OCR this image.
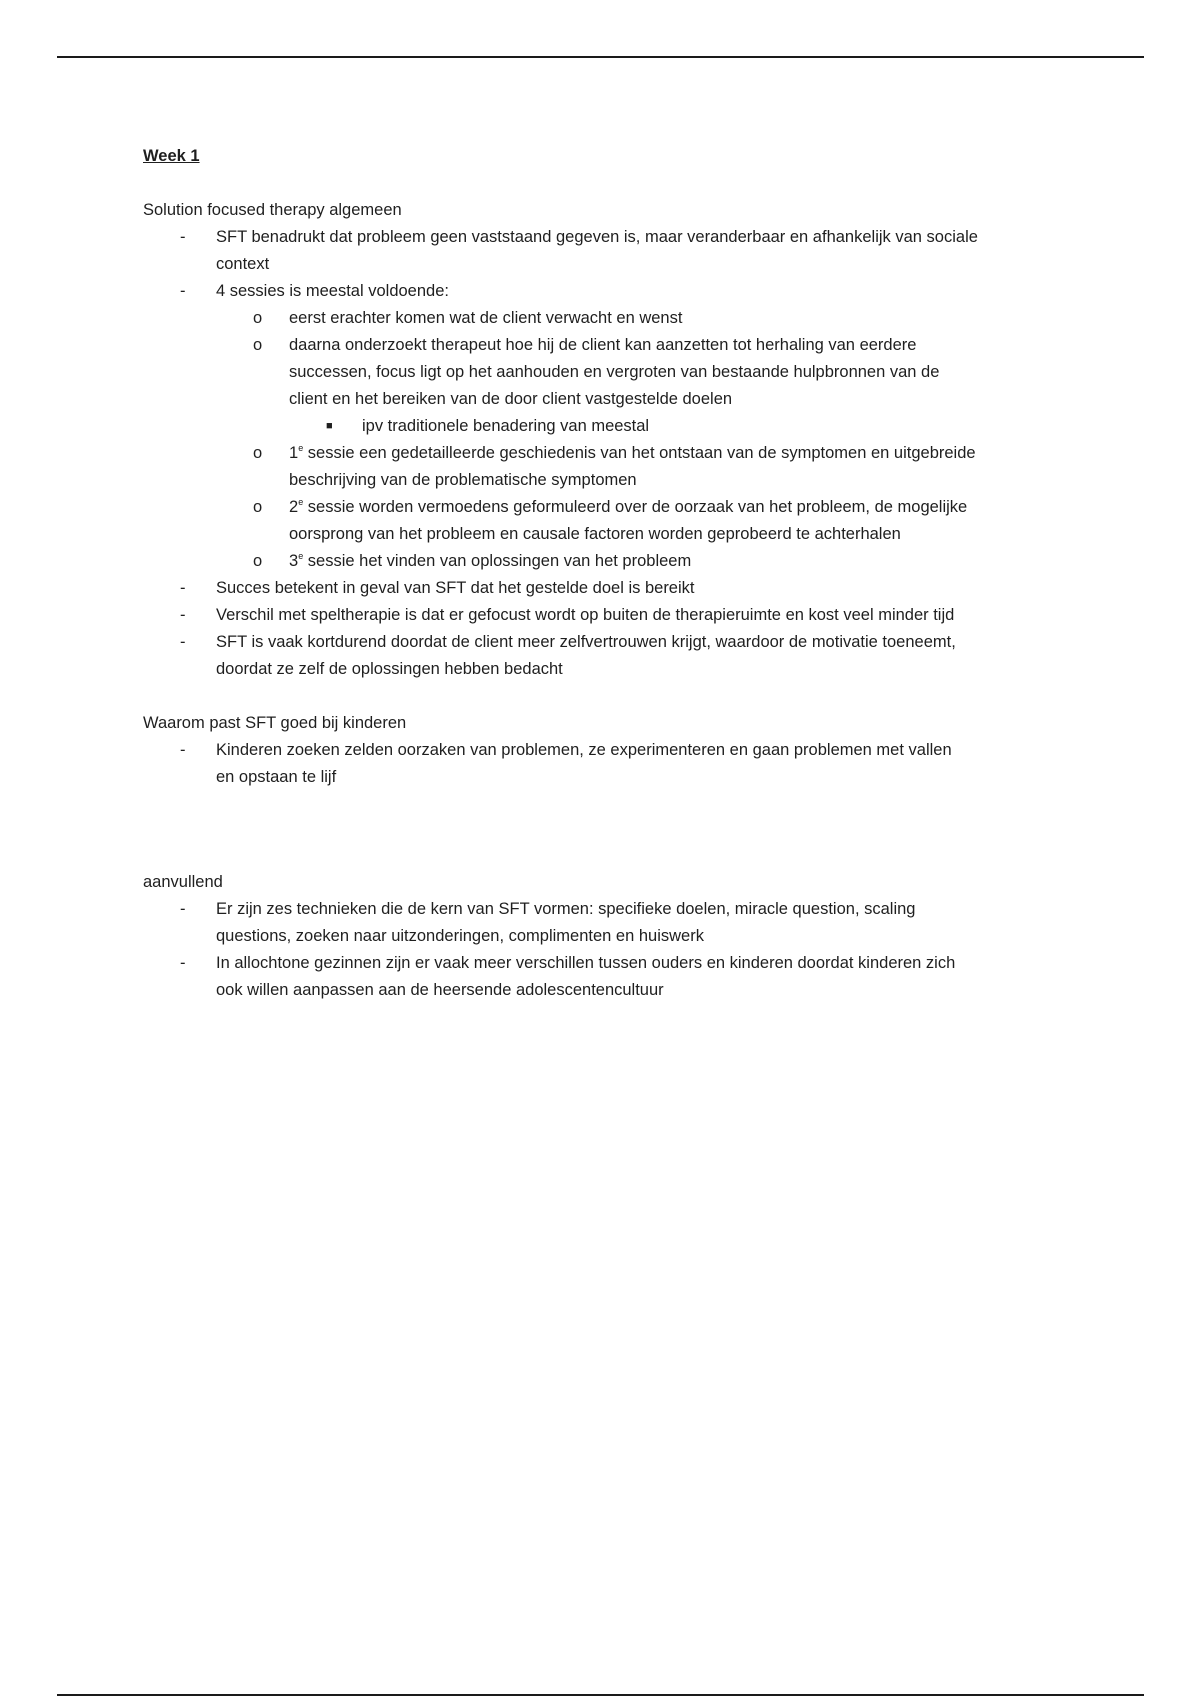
Week 1
Solution focused therapy algemeen
- SFT benadrukt dat probleem geen vaststaand gegeven is, maar veranderbaar en afhankelijk van sociale
context
- 4 sessies is meestal voldoende:
o eerst erachter komen wat de client verwacht en wenst
o daarna onderzoekt therapeut hoe hij de client kan aanzetten tot herhaling van eerdere
successen, focus ligt op het aanhouden en vergroten van bestaande hulpbronnen van de
client en het bereiken van de door client vastgestelde doelen
■ ipv traditionele benadering van meestal
o 1e sessie een gedetailleerde geschiedenis van het ontstaan van de symptomen en uitgebreide
beschrijving van de problematische symptomen
o 2e sessie worden vermoedens geformuleerd over de oorzaak van het probleem, de mogelijke
oorsprong van het probleem en causale factoren worden geprobeerd te achterhalen
o 3e sessie het vinden van oplossingen van het probleem
- Succes betekent in geval van SFT dat het gestelde doel is bereikt
- Verschil met speltherapie is dat er gefocust wordt op buiten de therapieruimte en kost veel minder tijd
- SFT is vaak kortdurend doordat de client meer zelfvertrouwen krijgt, waardoor de motivatie toeneemt,
doordat ze zelf de oplossingen hebben bedacht
Waarom past SFT goed bij kinderen
- Kinderen zoeken zelden oorzaken van problemen, ze experimenteren en gaan problemen met vallen
en opstaan te lijf
aanvullend
- Er zijn zes technieken die de kern van SFT vormen: specifieke doelen, miracle question, scaling
questions, zoeken naar uitzonderingen, complimenten en huiswerk
- In allochtone gezinnen zijn er vaak meer verschillen tussen ouders en kinderen doordat kinderen zich
ook willen aanpassen aan de heersende adolescentencultuur
